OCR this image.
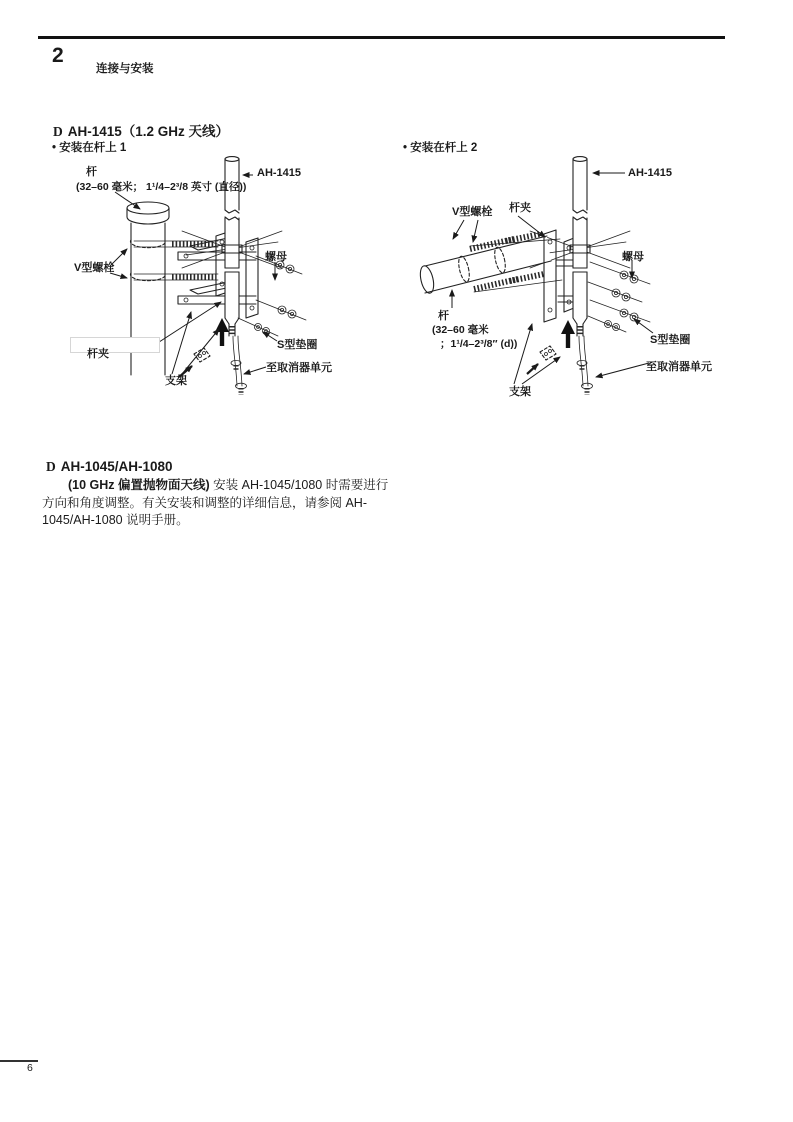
2
连接与安装
D AH-1415（1.2 GHz 天线）
• 安装在杆上 1	• 安装在杆上 2
杆
(32–60 毫米； 1¹/4–2³/8 英寸 (直径))
AH-1415
V型螺栓
杆夹
螺母
支架
S型垫圈
至取消器单元
AH-1415
V型螺栓 杆夹
螺母
杆
(32–60 毫米
；1¹/4–2³/8″ (d))
支架
S型垫圈
至取消器单元
D AH-1045/AH-1080
(10 GHz 偏置抛物面天线) 安装 AH-1045/1080 时需要进行
方向和角度调整。有关安装和调整的详细信息，请参阅 AH-
1045/AH-1080 说明手册。
6
